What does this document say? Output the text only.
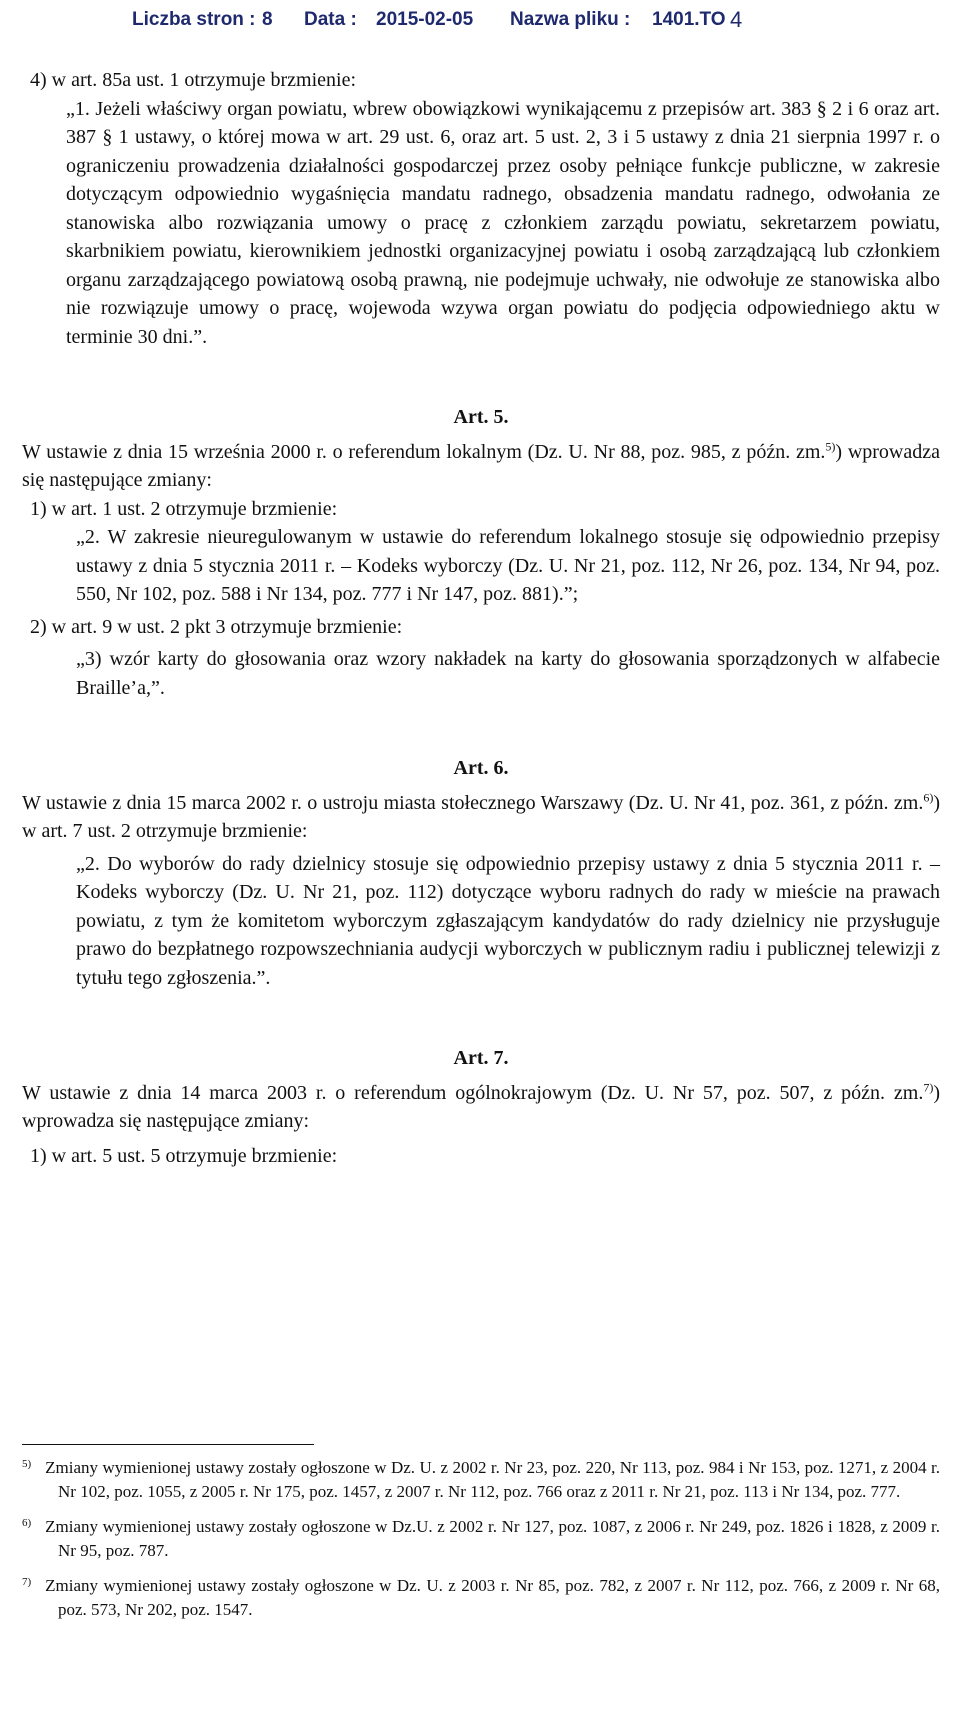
Liczba stron : 8 Data : 2015-02-05 Nazwa pliku : 1401.TO 4

4) w art. 85a ust. 1 otrzymuje brzmienie:

„1. Jeżeli właściwy organ powiatu, wbrew obowiązkowi wynikającemu z przepisów art. 383 § 2 i 6 oraz art. 387 § 1 ustawy, o której mowa w art. 29 ust. 6, oraz art. 5 ust. 2, 3 i 5 ustawy z dnia 21 sierpnia 1997 r. o ograniczeniu prowadzenia działalności gospodarczej przez osoby pełniące funkcje publiczne, w zakresie dotyczącym odpowiednio wygaśnięcia mandatu radnego, obsadzenia mandatu radnego, odwołania ze stanowiska albo rozwiązania umowy o pracę z członkiem zarządu powiatu, sekretarzem powiatu, skarbnikiem powiatu, kierownikiem jednostki organizacyjnej powiatu i osobą zarządzającą lub członkiem organu zarządzającego powiatową osobą prawną, nie podejmuje uchwały, nie odwołuje ze stanowiska albo nie rozwiązuje umowy o pracę, wojewoda wzywa organ powiatu do podjęcia odpowiedniego aktu w terminie 30 dni.”.

Art. 5.

W ustawie z dnia 15 września 2000 r. o referendum lokalnym (Dz. U. Nr 88, poz. 985, z późn. zm.$^{5)}$) wprowadza się następujące zmiany:

1) w art. 1 ust. 2 otrzymuje brzmienie:

„2. W zakresie nieuregulowanym w ustawie do referendum lokalnego stosuje się odpowiednio przepisy ustawy z dnia 5 stycznia 2011 r. – Kodeks wyborczy (Dz. U. Nr 21, poz. 112, Nr 26, poz. 134, Nr 94, poz. 550, Nr 102, poz. 588 i Nr 134, poz. 777 i Nr 147, poz. 881).”;

2) w art. 9 w ust. 2 pkt 3 otrzymuje brzmienie:

„3) wzór karty do głosowania oraz wzory nakładek na karty do głosowania sporządzonych w alfabecie Braille’a,”.

Art. 6.

W ustawie z dnia 15 marca 2002 r. o ustroju miasta stołecznego Warszawy (Dz. U. Nr 41, poz. 361, z późn. zm.$^{6)}$) w art. 7 ust. 2 otrzymuje brzmienie:

„2. Do wyborów do rady dzielnicy stosuje się odpowiednio przepisy ustawy z dnia 5 stycznia 2011 r. – Kodeks wyborczy (Dz. U. Nr 21, poz. 112) dotyczące wyboru radnych do rady w mieście na prawach powiatu, z tym że komitetom wyborczym zgłaszającym kandydatów do rady dzielnicy nie przysługuje prawo do bezpłatnego rozpowszechniania audycji wyborczych w publicznym radiu i publicznej telewizji z tytułu tego zgłoszenia.”.

Art. 7.

W ustawie z dnia 14 marca 2003 r. o referendum ogólnokrajowym (Dz. U. Nr 57, poz. 507, z późn. zm.$^{7)}$) wprowadza się następujące zmiany:

1) w art. 5 ust. 5 otrzymuje brzmienie:

$^{5)}$ Zmiany wymienionej ustawy zostały ogłoszone w Dz. U. z 2002 r. Nr 23, poz. 220, Nr 113, poz. 984 i Nr 153, poz. 1271, z 2004 r. Nr 102, poz. 1055, z 2005 r. Nr 175, poz. 1457, z 2007 r. Nr 112, poz. 766 oraz z 2011 r. Nr 21, poz. 113 i Nr 134, poz. 777.

$^{6)}$ Zmiany wymienionej ustawy zostały ogłoszone w Dz.U. z 2002 r. Nr 127, poz. 1087, z 2006 r. Nr 249, poz. 1826 i 1828, z 2009 r. Nr 95, poz. 787.

$^{7)}$ Zmiany wymienionej ustawy zostały ogłoszone w Dz. U. z 2003 r. Nr 85, poz. 782, z 2007 r. Nr 112, poz. 766, z 2009 r. Nr 68, poz. 573, Nr 202, poz. 1547.
